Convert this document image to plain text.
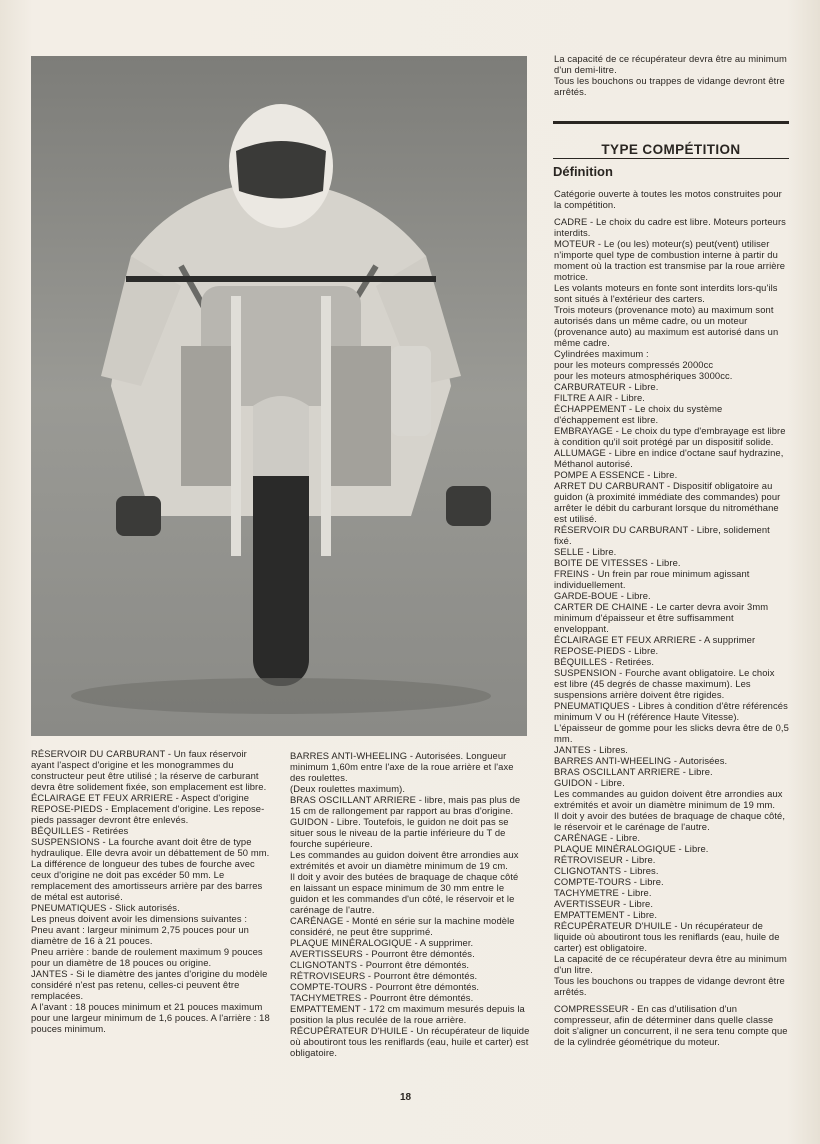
RÉSERVOIR DU CARBURANT - Un faux réservoir ayant l'aspect d'origine et les monogrammes du constructeur peut être utilisé ; la réserve de carburant devra être solidement fixée, son emplacement est libre.

ÉCLAIRAGE ET FEUX ARRIERE - Aspect d'origine

REPOSE-PIEDS - Emplacement d'origine. Les repose-pieds passager devront être enlevés.

BÉQUILLES - Retirées

SUSPENSIONS - La fourche avant doit être de type hydraulique. Elle devra avoir un débattement de 50 mm. La différence de longueur des tubes de fourche avec ceux d'origine ne doit pas excéder 50 mm. Le remplacement des amortisseurs arrière par des barres de métal est autorisé.

PNEUMATIQUES - Slick autorisés.

Les pneus doivent avoir les dimensions suivantes :

Pneu avant : largeur minimum 2,75 pouces pour un diamètre de 16 à 21 pouces.

Pneu arrière : bande de roulement maximum 9 pouces pour un diamètre de 18 pouces ou origine.

JANTES - Si le diamètre des jantes d'origine du modèle considéré n'est pas retenu, celles-ci peuvent être remplacées.

A l'avant : 18 pouces minimum et 21 pouces maximum pour une largeur minimum de 1,6 pouces. A l'arrière : 18 pouces minimum.

BARRES ANTI-WHEELING - Autorisées. Longueur minimum 1,60m entre l'axe de la roue arrière et l'axe des roulettes.

(Deux roulettes maximum).

BRAS OSCILLANT ARRIERE - libre, mais pas plus de 15 cm de rallongement par rapport au bras d'origine.

GUIDON - Libre. Toutefois, le guidon ne doit pas se situer sous le niveau de la partie inférieure du T de fourche supérieure.

Les commandes au guidon doivent être arrondies aux extrémités et avoir un diamètre minimum de 19 cm.

Il doit y avoir des butées de braquage de chaque côté en laissant un espace minimum de 30 mm entre le guidon et les commandes d'un côté, le réservoir et le carénage de l'autre.

CARÉNAGE - Monté en série sur la machine modèle considéré, ne peut être supprimé.

PLAQUE MINÉRALOGIQUE - A supprimer.

AVERTISSEURS - Pourront être démontés.

CLIGNOTANTS - Pourront être démontés.

RÉTROVISEURS - Pourront être démontés.

COMPTE-TOURS - Pourront être démontés.

TACHYMETRES - Pourront être démontés.

EMPATTEMENT - 172 cm maximum mesurés depuis la position la plus reculée de la roue arrière.

RÉCUPÉRATEUR D'HUILE - Un récupérateur de liquide où aboutiront tous les reniflards (eau, huile et carter) est obligatoire.

La capacité de ce récupérateur devra être au minimum d'un demi-litre.

Tous les bouchons ou trappes de vidange devront être arrêtés.

TYPE COMPÉTITION
Définition

Catégorie ouverte à toutes les motos construites pour la compétition.

CADRE - Le choix du cadre est libre. Moteurs porteurs interdits.

MOTEUR - Le (ou les) moteur(s) peut(vent) utiliser n'importe quel type de combustion interne à partir du moment où la traction est transmise par la roue arrière motrice.

Les volants moteurs en fonte sont interdits lors-qu'ils sont situés à l'extérieur des carters.

Trois moteurs (provenance moto) au maximum sont autorisés dans un même cadre, ou un moteur (provenance auto) au maximum est autorisé dans un même cadre.

Cylindrées maximum :

pour les moteurs compressés 2000cc

pour les moteurs atmosphériques 3000cc.

CARBURATEUR - Libre.

FILTRE A AIR - Libre.

ÉCHAPPEMENT - Le choix du système d'échappement est libre.

EMBRAYAGE - Le choix du type d'embrayage est libre à condition qu'il soit protégé par un dispositif solide.

ALLUMAGE - Libre en indice d'octane sauf hydrazine, Méthanol autorisé.

POMPE A ESSENCE - Libre.

ARRET DU CARBURANT - Dispositif obligatoire au guidon (à proximité immédiate des commandes) pour arrêter le débit du carburant lorsque du nitrométhane est utilisé.

RÉSERVOIR DU CARBURANT - Libre, solidement fixé.

SELLE - Libre.

BOITE DE VITESSES - Libre.

FREINS - Un frein par roue minimum agissant individuellement.

GARDE-BOUE - Libre.

CARTER DE CHAINE - Le carter devra avoir 3mm minimum d'épaisseur et être suffisamment enveloppant.

ÉCLAIRAGE ET FEUX ARRIERE - A supprimer

REPOSE-PIEDS - Libre.

BÉQUILLES - Retirées.

SUSPENSION - Fourche avant obligatoire. Le choix est libre (45 degrés de chasse maximum). Les suspensions arrière doivent être rigides.

PNEUMATIQUES - Libres à condition d'être référencés minimum V ou H (référence Haute Vitesse).

L'épaisseur de gomme pour les slicks devra être de 0,5 mm.

JANTES - Libres.

BARRES ANTI-WHEELING - Autorisées.

BRAS OSCILLANT ARRIERE - Libre.

GUIDON - Libre.

Les commandes au guidon doivent être arrondies aux extrémités et avoir un diamètre minimum de 19 mm.

Il doit y avoir des butées de braquage de chaque côté, le réservoir et le carénage de l'autre.

CARÉNAGE - Libre.

PLAQUE MINÉRALOGIQUE - Libre.

RÉTROVISEUR - Libre.

CLIGNOTANTS - Libres.

COMPTE-TOURS - Libre.

TACHYMETRE - Libre.

AVERTISSEUR - Libre.

EMPATTEMENT - Libre.

RÉCUPÉRATEUR D'HUILE - Un récupérateur de liquide où aboutiront tous les reniflards (eau, huile de carter) est obligatoire.

La capacité de ce récupérateur devra être au minimum d'un litre.

Tous les bouchons ou trappes de vidange devront être arrêtés.

COMPRESSEUR - En cas d'utilisation d'un compresseur, afin de déterminer dans quelle classe doit s'aligner un concurrent, il ne sera tenu compte que de la cylindrée géométrique du moteur.

18
